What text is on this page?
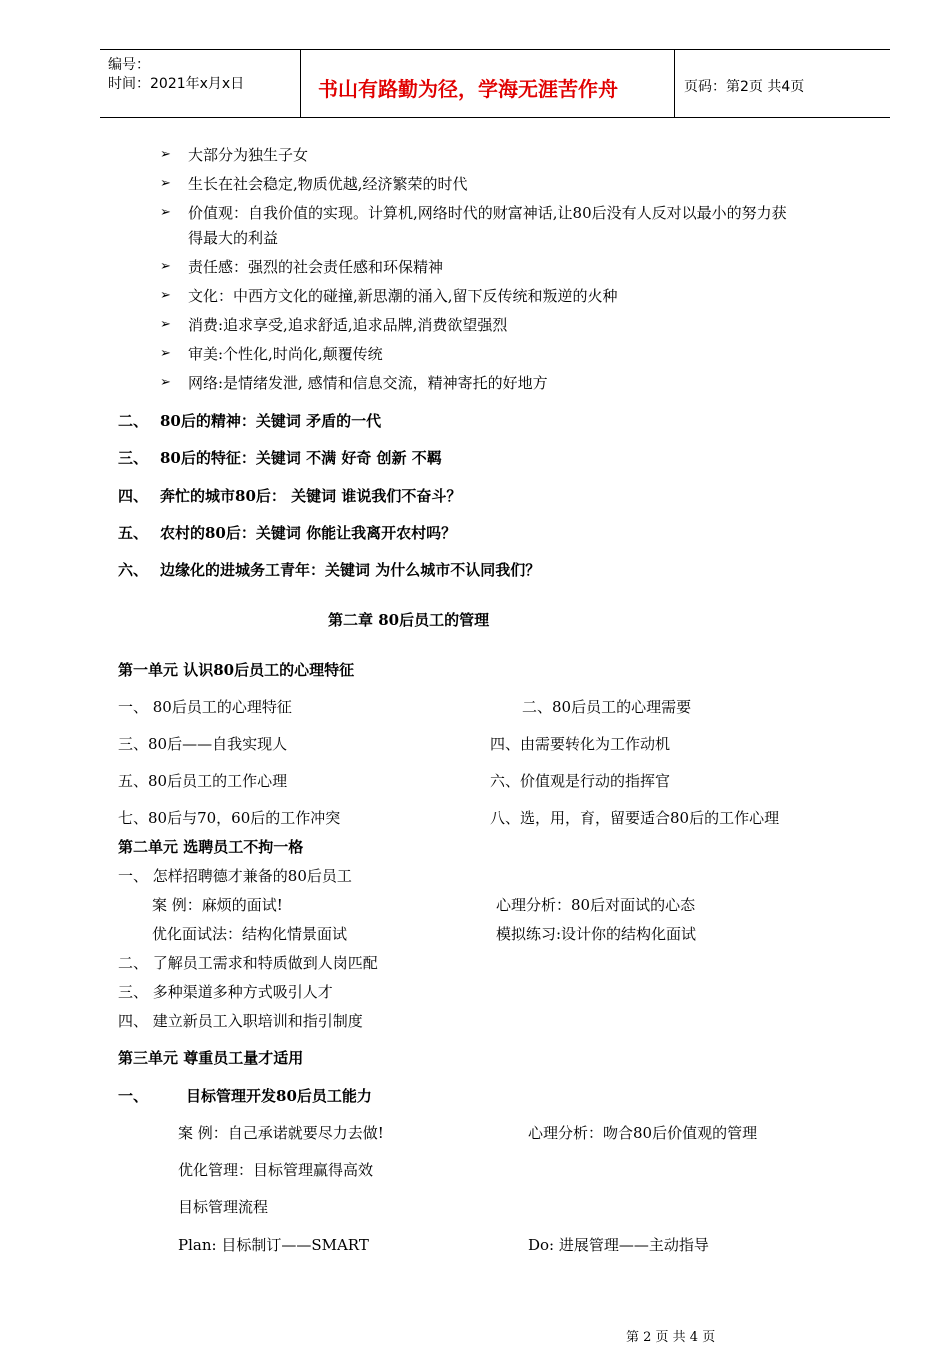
编号：
时间：2021年x月x日	书山有路勤为径，学海无涯苦作舟	页码：第2页 共4页
➢ 大部分为独生子女
➢ 生长在社会稳定,物质优越,经济繁荣的时代
➢ 价值观：自我价值的实现。计算机,网络时代的财富神话,让80后没有人反对以最小的努力获
得最大的利益
➢ 责任感：强烈的社会责任感和环保精神
➢ 文化：中西方文化的碰撞,新思潮的涌入,留下反传统和叛逆的火种
➢ 消费:追求享受,追求舒适,追求品牌,消费欲望强烈
➢ 审美:个性化,时尚化,颠覆传统
➢ 网络:是情绪发泄, 感情和信息交流，精神寄托的好地方
二、 80后的精神：关键词 矛盾的一代
三、 80后的特征：关键词 不满 好奇 创新 不羁
四、 奔忙的城市80后： 关键词 谁说我们不奋斗？
五、 农村的80后：关键词 你能让我离开农村吗？
六、 边缘化的进城务工青年：关键词 为什么城市不认同我们？
第二章 80后员工的管理
第一单元 认识80后员工的心理特征
一、 80后员工的心理特征	二、80后员工的心理需要
三、80后——自我实现人	四、由需要转化为工作动机
五、80后员工的工作心理	六、价值观是行动的指挥官
七、80后与70，60后的工作冲突	八、选，用，育，留要适合80后的工作心理
第二单元 选聘员工不拘一格
一、 怎样招聘德才兼备的80后员工
案 例：麻烦的面试!	心理分析：80后对面试的心态
优化面试法：结构化情景面试	模拟练习:设计你的结构化面试
二、 了解员工需求和特质做到人岗匹配
三、 多种渠道多种方式吸引人才
四、 建立新员工入职培训和指引制度
第三单元 尊重员工量才适用
一、	目标管理开发80后员工能力
案 例：自己承诺就要尽力去做!	心理分析：吻合80后价值观的管理
优化管理：目标管理赢得高效
目标管理流程
Plan: 目标制订——SMART	Do: 进展管理——主动指导
第 2 页 共 4 页
